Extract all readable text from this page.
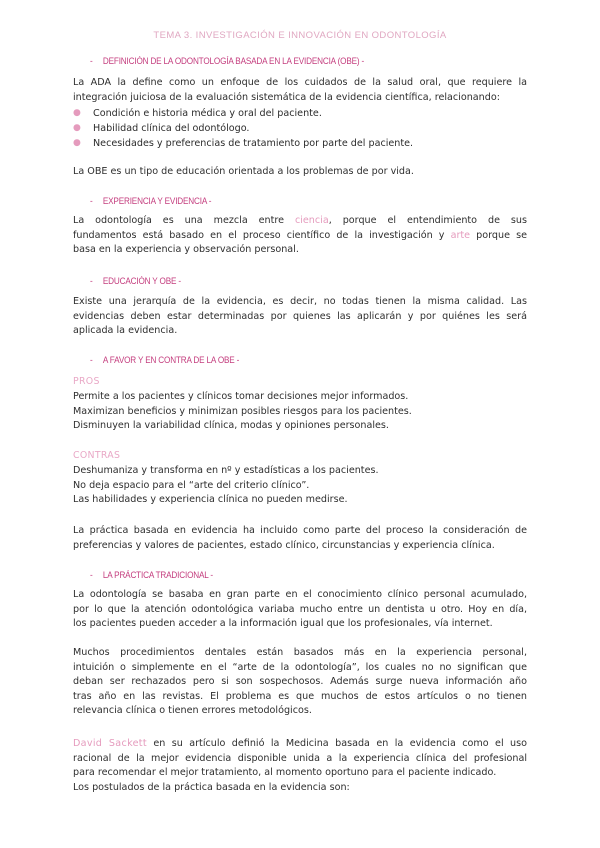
TEMA 3. INVESTIGACIÓN E INNOVACIÓN EN ODONTOLOGÍA
- DEFINICIÓN DE LA ODONTOLOGÍA BASADA EN LA EVIDENCIA (OBE) -
La ADA la define como un enfoque de los cuidados de la salud oral, que requiere la
integración juiciosa de la evaluación sistemática de la evidencia científica, relacionando:
●	Condición e historia médica y oral del paciente.
●	Habilidad clínica del odontólogo.
●	Necesidades y preferencias de tratamiento por parte del paciente.
La OBE es un tipo de educación orientada a los problemas de por vida.
- EXPERIENCIA Y EVIDENCIA -
La odontología es una mezcla entre ciencia, porque el entendimiento de sus
fundamentos está basado en el proceso científico de la investigación y arte porque se
basa en la experiencia y observación personal.
- EDUCACIÓN Y OBE -
Existe una jerarquía de la evidencia, es decir, no todas tienen la misma calidad. Las
evidencias deben estar determinadas por quienes las aplicarán y por quiénes les será
aplicada la evidencia.
- A FAVOR Y EN CONTRA DE LA OBE -
PROS
Permite a los pacientes y clínicos tomar decisiones mejor informados.
Maximizan beneficios y minimizan posibles riesgos para los pacientes.
Disminuyen la variabilidad clínica, modas y opiniones personales.
CONTRAS
Deshumaniza y transforma en nº y estadísticas a los pacientes.
No deja espacio para el “arte del criterio clínico”.
Las habilidades y experiencia clínica no pueden medirse.
La práctica basada en evidencia ha incluido como parte del proceso la consideración de
preferencias y valores de pacientes, estado clínico, circunstancias y experiencia clínica.
- LA PRÁCTICA TRADICIONAL -
La odontología se basaba en gran parte en el conocimiento clínico personal acumulado,
por lo que la atención odontológica variaba mucho entre un dentista u otro. Hoy en día,
los pacientes pueden acceder a la información igual que los profesionales, vía internet.
Muchos procedimientos dentales están basados más en la experiencia personal,
intuición o simplemente en el “arte de la odontología”, los cuales no no significan que
deban ser rechazados pero si son sospechosos. Además surge nueva información año
tras año en las revistas. El problema es que muchos de estos artículos o no tienen
relevancia clínica o tienen errores metodológicos.
David Sackett en su artículo definió la Medicina basada en la evidencia como el uso
racional de la mejor evidencia disponible unida a la experiencia clínica del profesional
para recomendar el mejor tratamiento, al momento oportuno para el paciente indicado.
Los postulados de la práctica basada en la evidencia son:
